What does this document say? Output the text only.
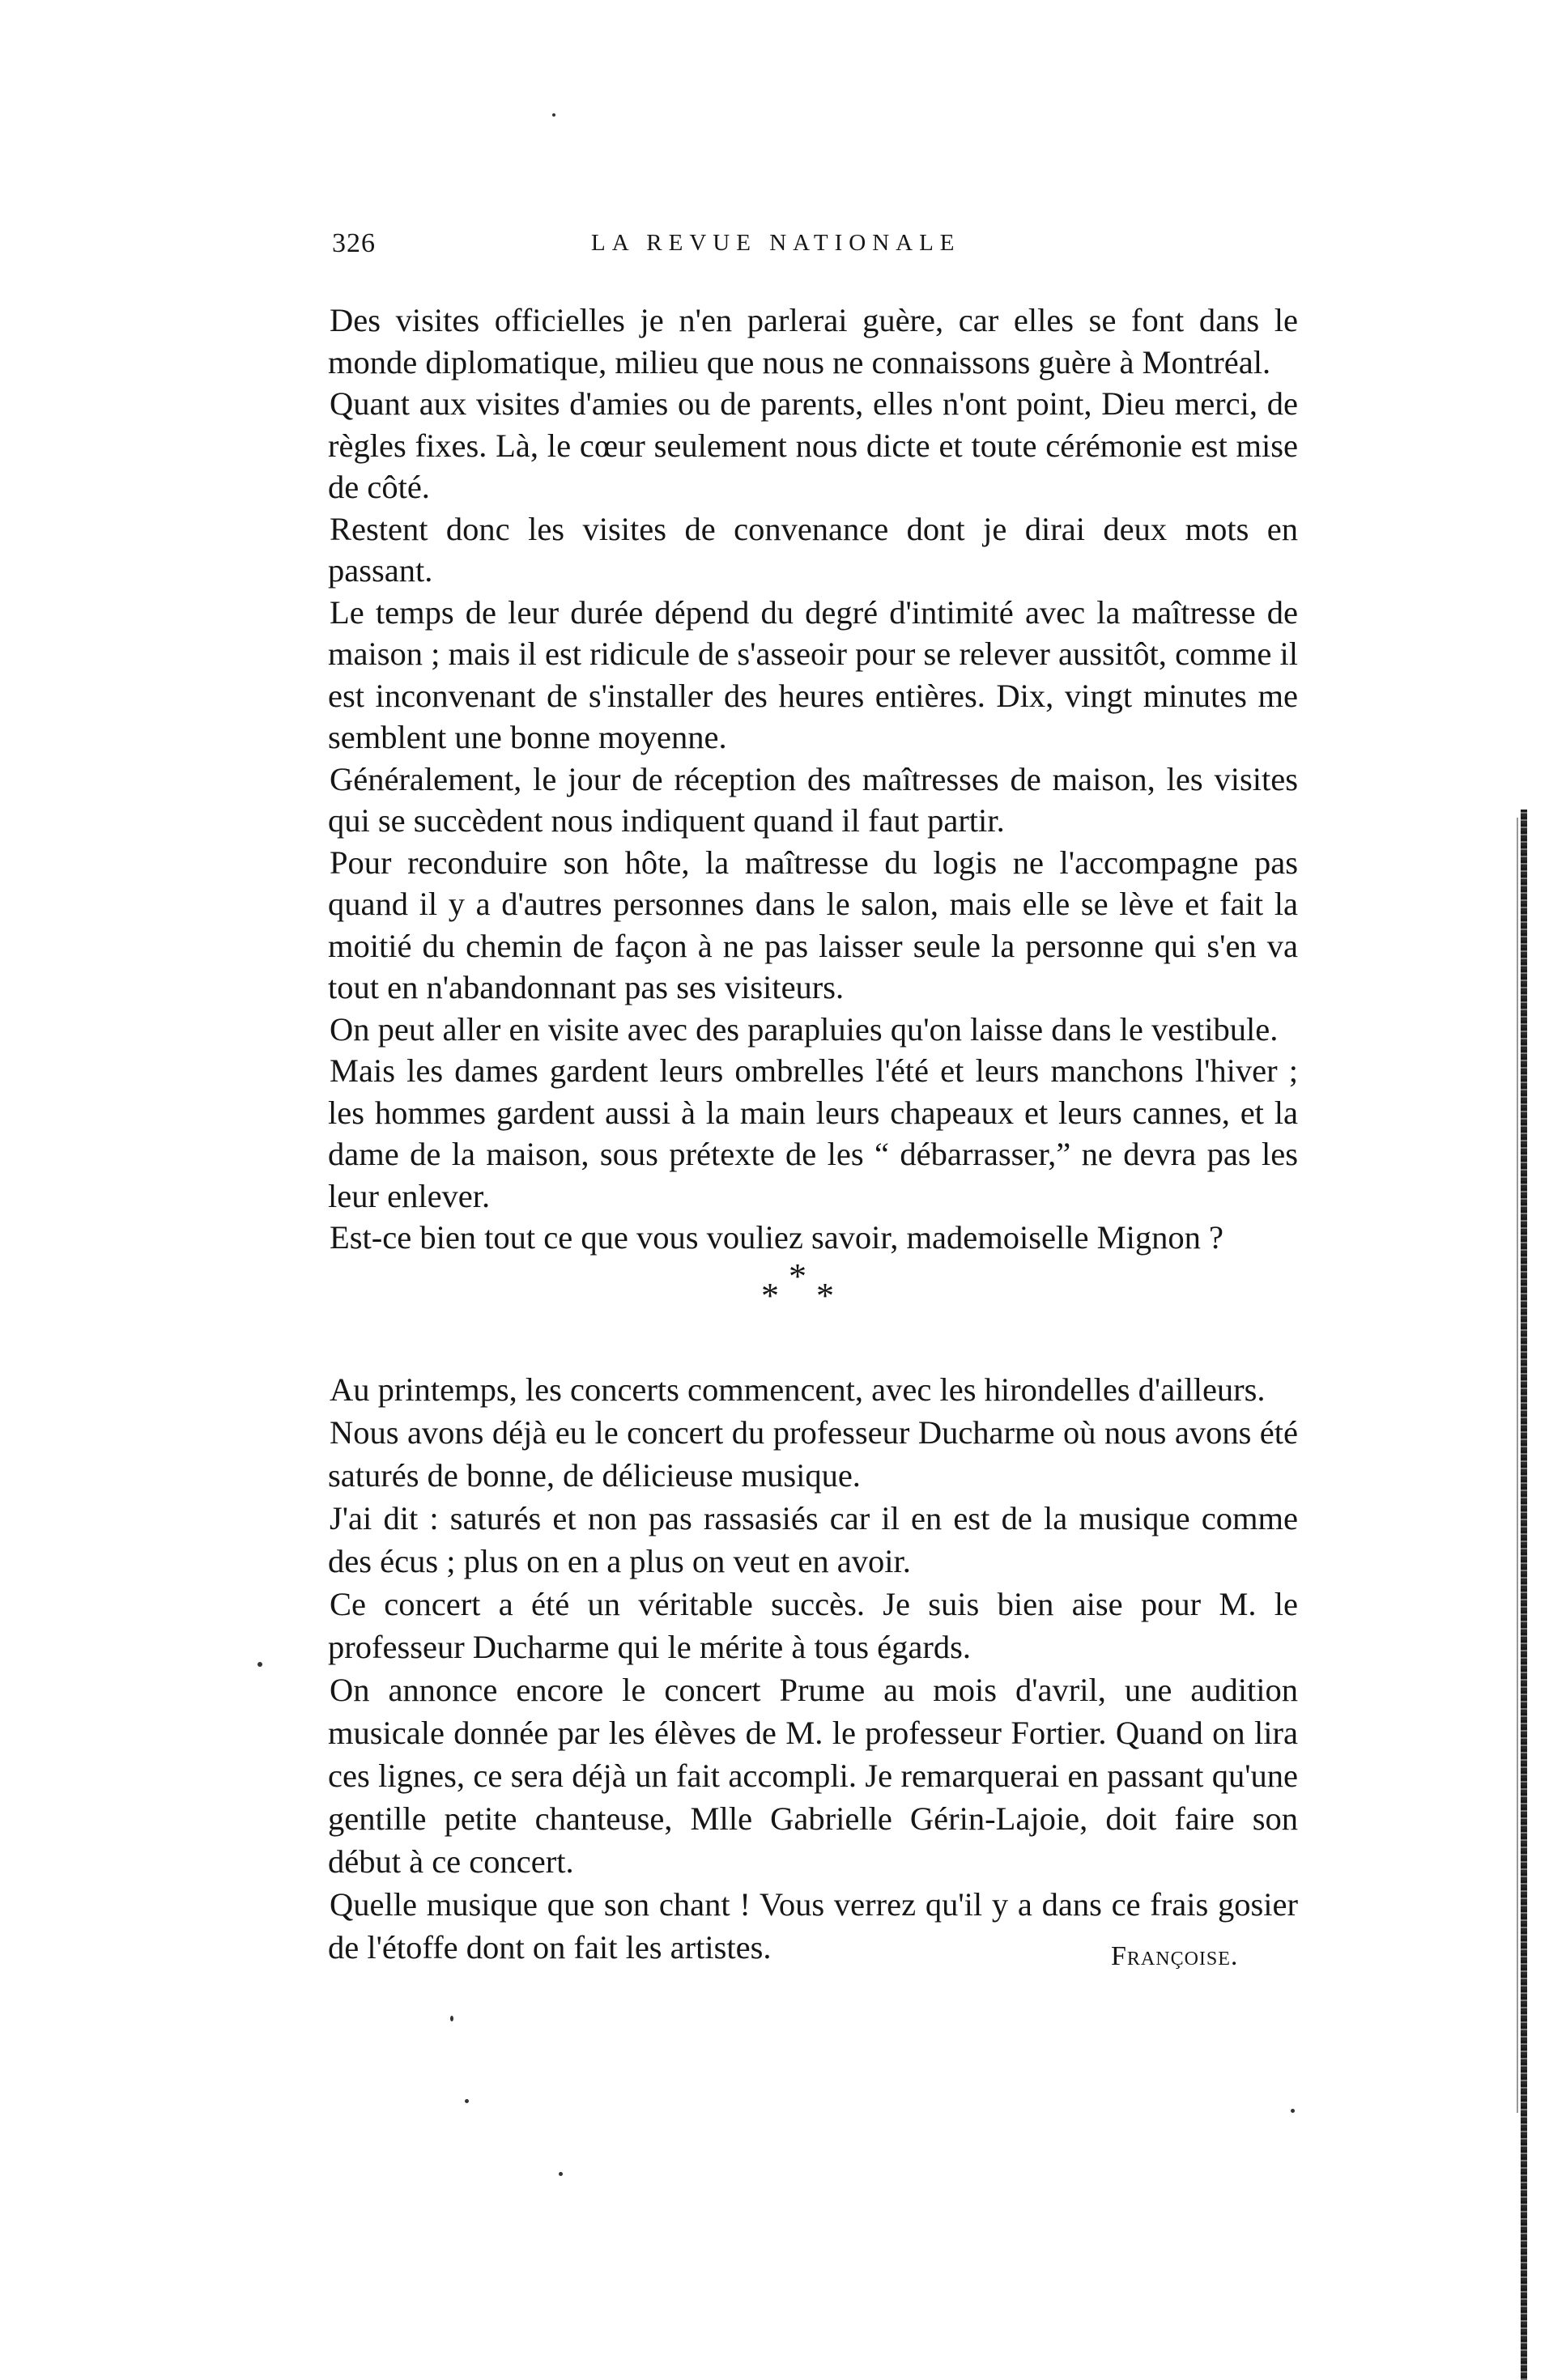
326	LA REVUE NATIONALE

Des visites officielles je n'en parlerai guère, car elles se font dans le monde diplomatique, milieu que nous ne connaissons guère à Montréal.

Quant aux visites d'amies ou de parents, elles n'ont point, Dieu merci, de règles fixes. Là, le cœur seulement nous dicte et toute cérémonie est mise de côté.

Restent donc les visites de convenance dont je dirai deux mots en passant.

Le temps de leur durée dépend du degré d'intimité avec la maîtresse de maison ; mais il est ridicule de s'asseoir pour se relever aussitôt, comme il est inconvenant de s'installer des heures entières. Dix, vingt minutes me semblent une bonne moyenne.

Généralement, le jour de réception des maîtresses de maison, les visites qui se succèdent nous indiquent quand il faut partir.

Pour reconduire son hôte, la maîtresse du logis ne l'accompagne pas quand il y a d'autres personnes dans le salon, mais elle se lève et fait la moitié du chemin de façon à ne pas laisser seule la personne qui s'en va tout en n'abandonnant pas ses visiteurs.

On peut aller en visite avec des parapluies qu'on laisse dans le vestibule.

Mais les dames gardent leurs ombrelles l'été et leurs manchons l'hiver ; les hommes gardent aussi à la main leurs chapeaux et leurs cannes, et la dame de la maison, sous prétexte de les “ débarrasser,” ne devra pas les leur enlever.

Est-ce bien tout ce que vous vouliez savoir, mademoiselle Mignon ?

* * *

Au printemps, les concerts commencent, avec les hirondelles d'ailleurs.

Nous avons déjà eu le concert du professeur Ducharme où nous avons été saturés de bonne, de délicieuse musique.

J'ai dit : saturés et non pas rassasiés car il en est de la musique comme des écus ; plus on en a plus on veut en avoir.

Ce concert a été un véritable succès. Je suis bien aise pour M. le professeur Ducharme qui le mérite à tous égards.

On annonce encore le concert Prume au mois d'avril, une audition musicale donnée par les élèves de M. le professeur Fortier. Quand on lira ces lignes, ce sera déjà un fait accompli. Je remarquerai en passant qu'une gentille petite chanteuse, Mlle Gabrielle Gérin-Lajoie, doit faire son début à ce concert.

Quelle musique que son chant ! Vous verrez qu'il y a dans ce frais gosier de l'étoffe dont on fait les artistes.	Françoise.
